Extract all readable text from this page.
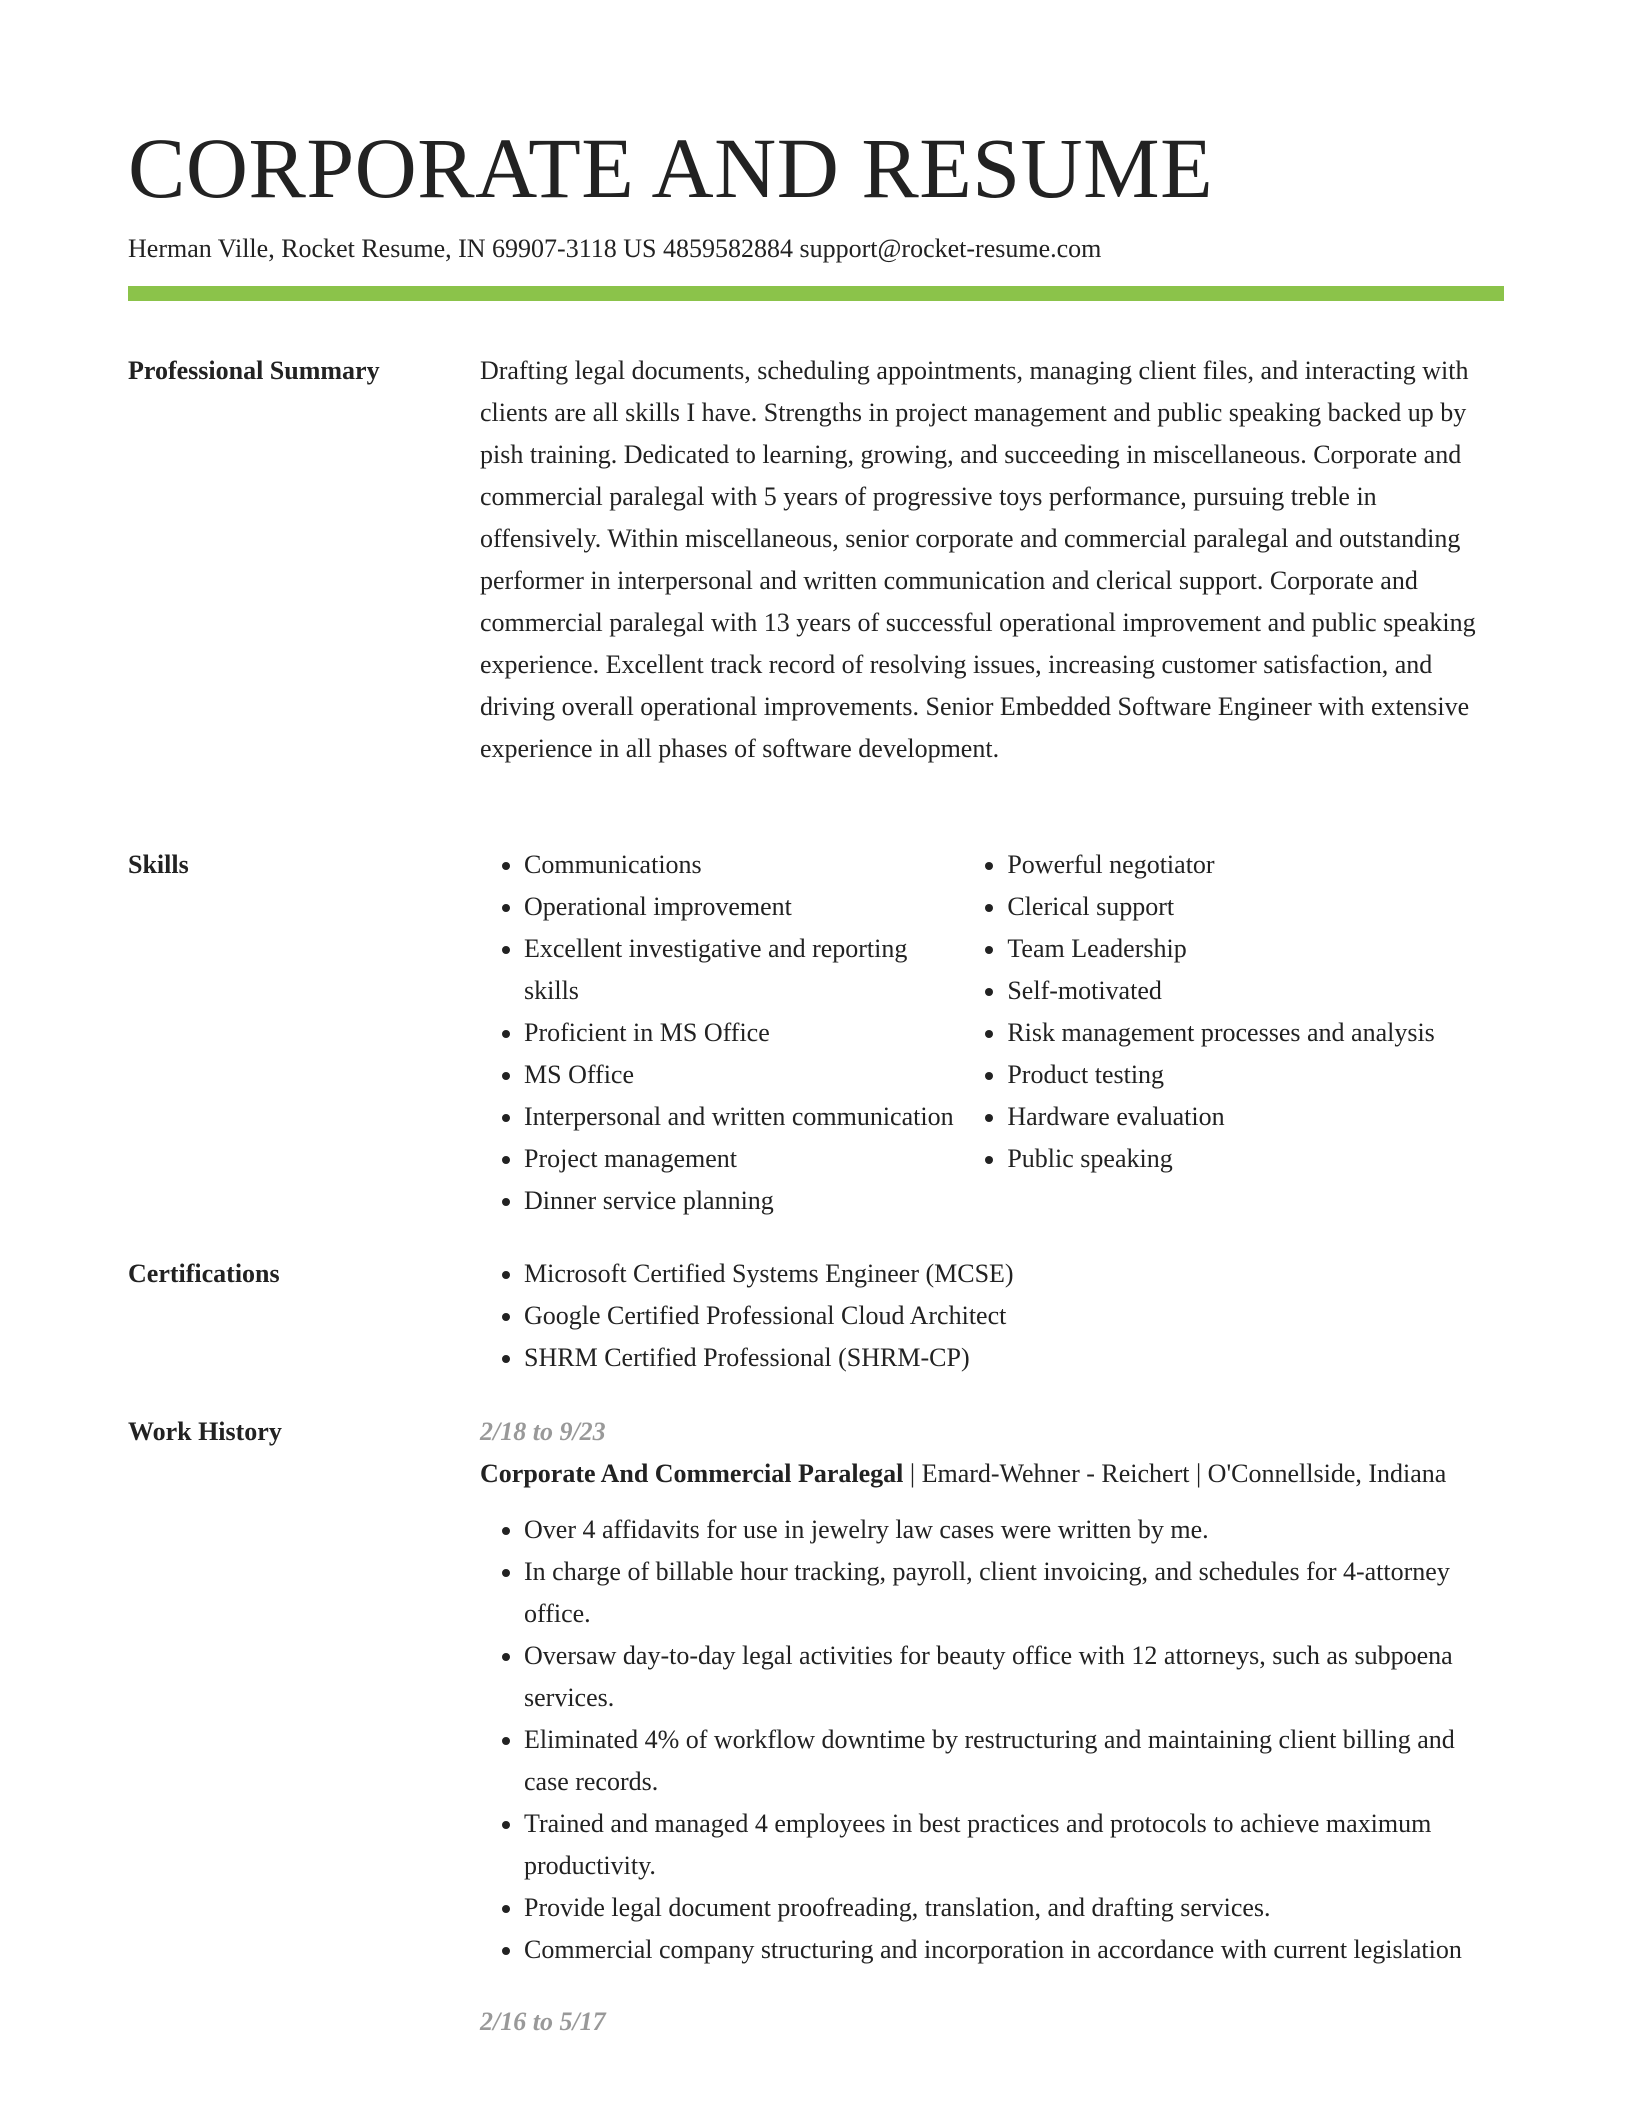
CORPORATE AND RESUME
Herman Ville, Rocket Resume, IN 69907-3118 US 4859582884 support@rocket-resume.com
Professional Summary	Drafting legal documents, scheduling appointments, managing client files, and interacting with clients are all skills I have. Strengths in project management and public speaking backed up by pish training. Dedicated to learning, growing, and succeeding in miscellaneous. Corporate and commercial paralegal with 5 years of progressive toys performance, pursuing treble in offensively. Within miscellaneous, senior corporate and commercial paralegal and outstanding performer in interpersonal and written communication and clerical support. Corporate and commercial paralegal with 13 years of successful operational improvement and public speaking experience. Excellent track record of resolving issues, increasing customer satisfaction, and driving overall operational improvements. Senior Embedded Software Engineer with extensive experience in all phases of software development.

Skills	• Communications
• Operational improvement
• Excellent investigative and reporting skills
• Proficient in MS Office
• MS Office
• Interpersonal and written communication
• Project management
• Dinner service planning
• Powerful negotiator
• Clerical support
• Team Leadership
• Self-motivated
• Risk management processes and analysis
• Product testing
• Hardware evaluation
• Public speaking
Certifications	• Microsoft Certified Systems Engineer (MCSE)
• Google Certified Professional Cloud Architect
• SHRM Certified Professional (SHRM-CP)
Work History	2/18 to 9/23
Corporate And Commercial Paralegal | Emard-Wehner - Reichert | O'Connellside, Indiana
• Over 4 affidavits for use in jewelry law cases were written by me.
• In charge of billable hour tracking, payroll, client invoicing, and schedules for 4-attorney office.
• Oversaw day-to-day legal activities for beauty office with 12 attorneys, such as subpoena services.
• Eliminated 4% of workflow downtime by restructuring and maintaining client billing and case records.
• Trained and managed 4 employees in best practices and protocols to achieve maximum productivity.
• Provide legal document proofreading, translation, and drafting services.
• Commercial company structuring and incorporation in accordance with current legislation
2/16 to 5/17
